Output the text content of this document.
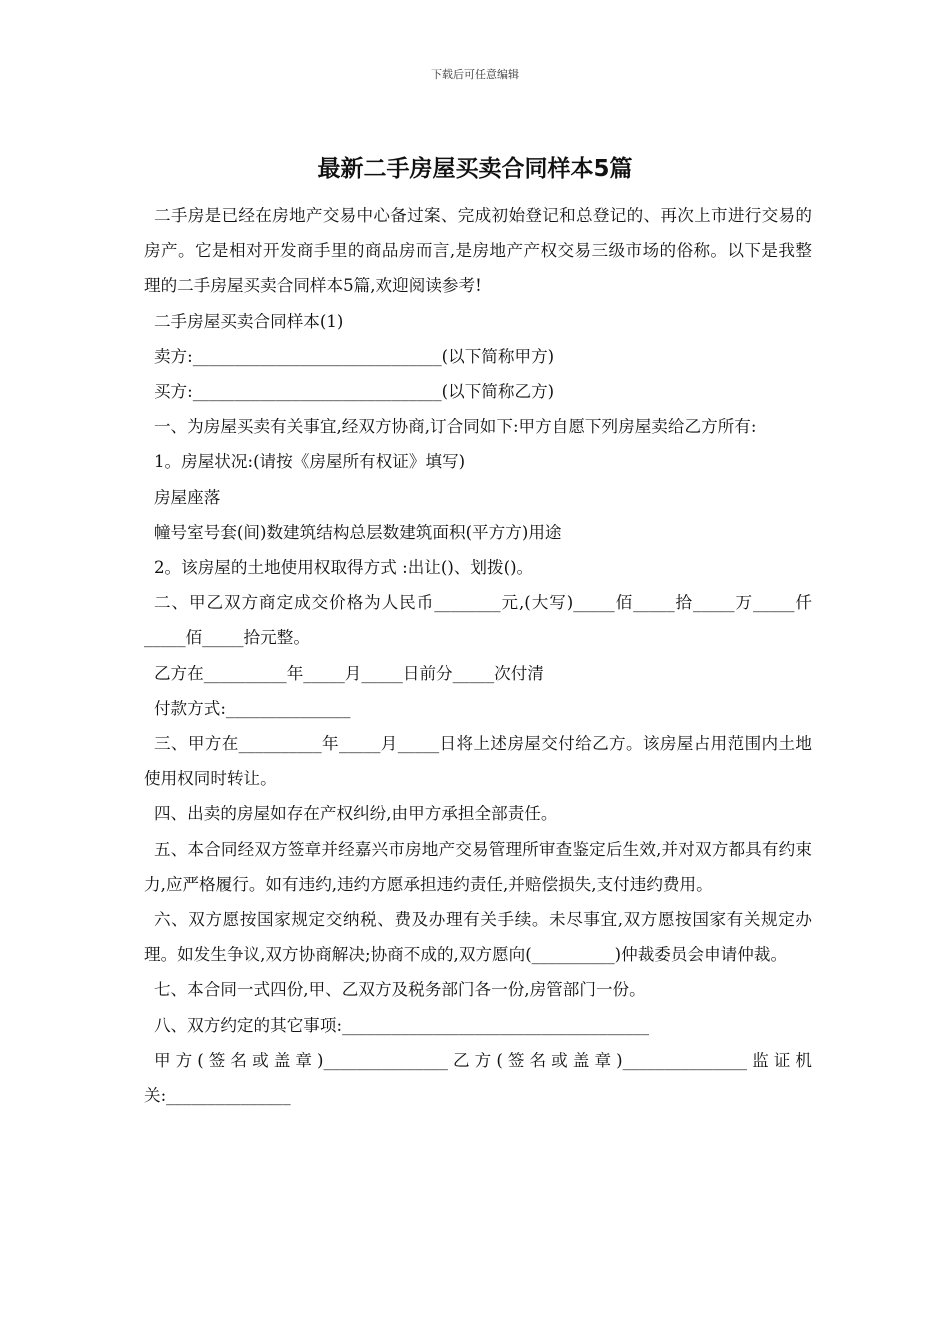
下载后可任意编辑
最新二手房屋买卖合同样本5篇

二手房是已经在房地产交易中心备过案、完成初始登记和总登记的、再次上市进行交易的房产。它是相对开发商手里的商品房而言,是房地产产权交易三级市场的俗称。以下是我整理的二手房屋买卖合同样本5篇,欢迎阅读参考!

二手房屋买卖合同样本(1)

卖方:______________________________(以下简称甲方)

买方:______________________________(以下简称乙方)

一、为房屋买卖有关事宜,经双方协商,订合同如下:甲方自愿下列房屋卖给乙方所有:

1。房屋状况:(请按《房屋所有权证》填写)

房屋座落

幢号室号套(间)数建筑结构总层数建筑面积(平方方)用途

2。该房屋的土地使用权取得方式 :出让()、划拨()。

二、甲乙双方商定成交价格为人民币________元,(大写)_____佰_____拾_____万_____仟_____佰_____拾元整。

乙方在__________年_____月_____日前分_____次付清

付款方式:_______________

三、甲方在__________年_____月_____日将上述房屋交付给乙方。该房屋占用范围内土地使用权同时转让。

四、出卖的房屋如存在产权纠纷,由甲方承担全部责任。

五、本合同经双方签章并经嘉兴市房地产交易管理所审查鉴定后生效,并对双方都具有约束力,应严格履行。如有违约,违约方愿承担违约责任,并赔偿损失,支付违约费用。

六、双方愿按国家规定交纳税、费及办理有关手续。未尽事宜,双方愿按国家有关规定办理。如发生争议,双方协商解决;协商不成的,双方愿向(__________)仲裁委员会申请仲裁。

七、本合同一式四份,甲、乙双方及税务部门各一份,房管部门一份。

八、双方约定的其它事项:_____________________________________

甲方(签名或盖章)_______________乙方(签名或盖章)_______________监证机关:_______________
